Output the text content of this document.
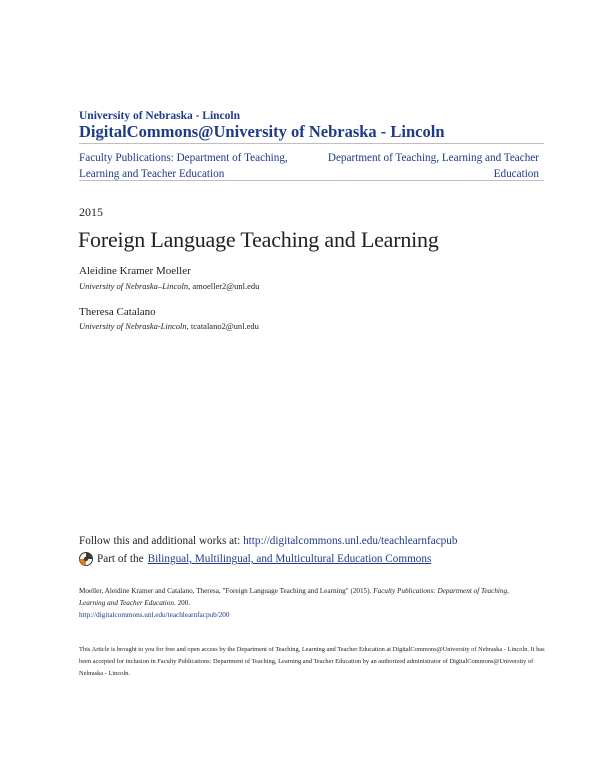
University of Nebraska - Lincoln
DigitalCommons@University of Nebraska - Lincoln
Faculty Publications: Department of Teaching, Learning and Teacher Education
Department of Teaching, Learning and Teacher Education
2015
Foreign Language Teaching and Learning
Aleidine Kramer Moeller
University of Nebraska–Lincoln, amoeller2@unl.edu
Theresa Catalano
University of Nebraska-Lincoln, tcatalano2@unl.edu
Follow this and additional works at: http://digitalcommons.unl.edu/teachlearnfacpub
Part of the Bilingual, Multilingual, and Multicultural Education Commons
Moeller, Aleidine Kramer and Catalano, Theresa, "Foreign Language Teaching and Learning" (2015). Faculty Publications: Department of Teaching, Learning and Teacher Education. 200.
http://digitalcommons.unl.edu/teachlearnfacpub/200
This Article is brought to you for free and open access by the Department of Teaching, Learning and Teacher Education at DigitalCommons@University of Nebraska - Lincoln. It has been accepted for inclusion in Faculty Publications: Department of Teaching, Learning and Teacher Education by an authorized administrator of DigitalCommons@University of Nebraska - Lincoln.
